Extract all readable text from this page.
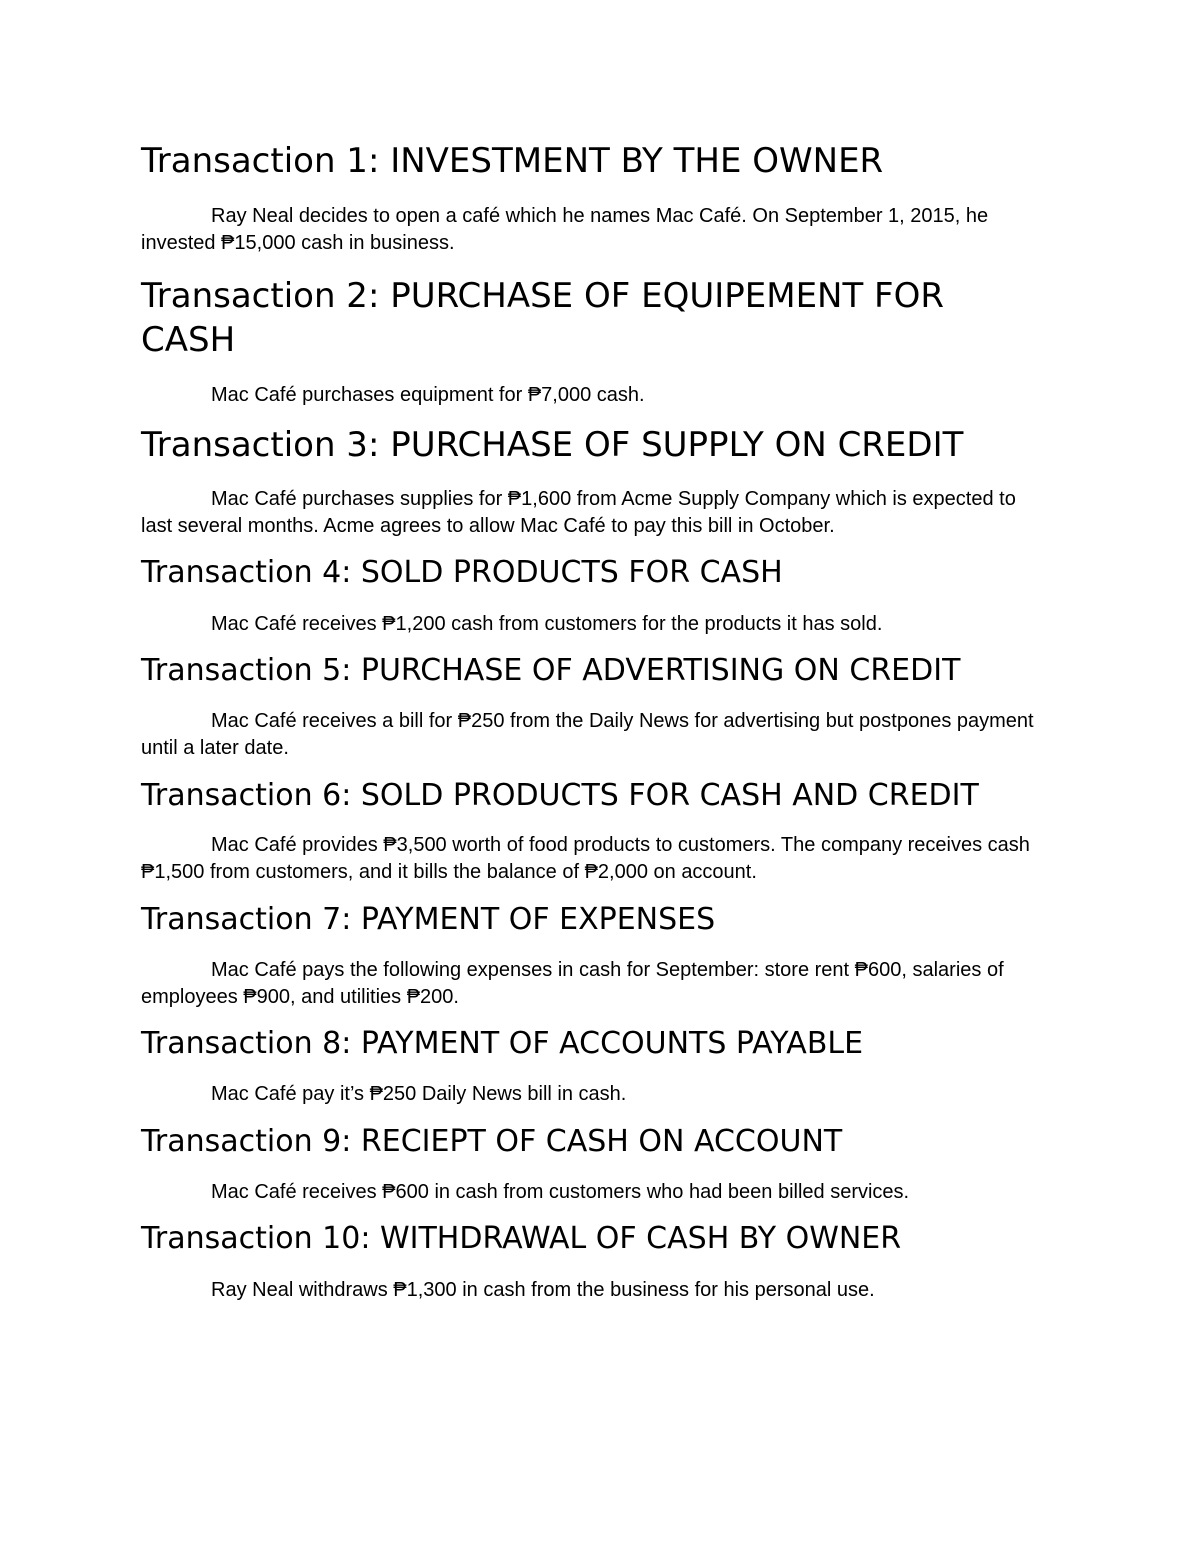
Transaction 1: INVESTMENT BY THE OWNER

Ray Neal decides to open a café which he names Mac Café. On September 1, 2015, he invested ₱15,000 cash in business.

Transaction 2: PURCHASE OF EQUIPEMENT FOR CASH

Mac Café purchases equipment for ₱7,000 cash.

Transaction 3: PURCHASE OF SUPPLY ON CREDIT

Mac Café purchases supplies for ₱1,600 from Acme Supply Company which is expected to last several months. Acme agrees to allow Mac Café to pay this bill in October.

Transaction 4: SOLD PRODUCTS FOR CASH

Mac Café receives ₱1,200 cash from customers for the products it has sold.

Transaction 5: PURCHASE OF ADVERTISING ON CREDIT

Mac Café receives a bill for ₱250 from the Daily News for advertising but postpones payment until a later date.

Transaction 6: SOLD PRODUCTS FOR CASH AND CREDIT

Mac Café provides ₱3,500 worth of food products to customers. The company receives cash ₱1,500 from customers, and it bills the balance of ₱2,000 on account.

Transaction 7: PAYMENT OF EXPENSES

Mac Café pays the following expenses in cash for September: store rent ₱600, salaries of employees ₱900, and utilities ₱200.

Transaction 8: PAYMENT OF ACCOUNTS PAYABLE

Mac Café pay it’s ₱250 Daily News bill in cash.

Transaction 9: RECIEPT OF CASH ON ACCOUNT

Mac Café receives ₱600 in cash from customers who had been billed services.

Transaction 10: WITHDRAWAL OF CASH BY OWNER

Ray Neal withdraws ₱1,300 in cash from the business for his personal use.
